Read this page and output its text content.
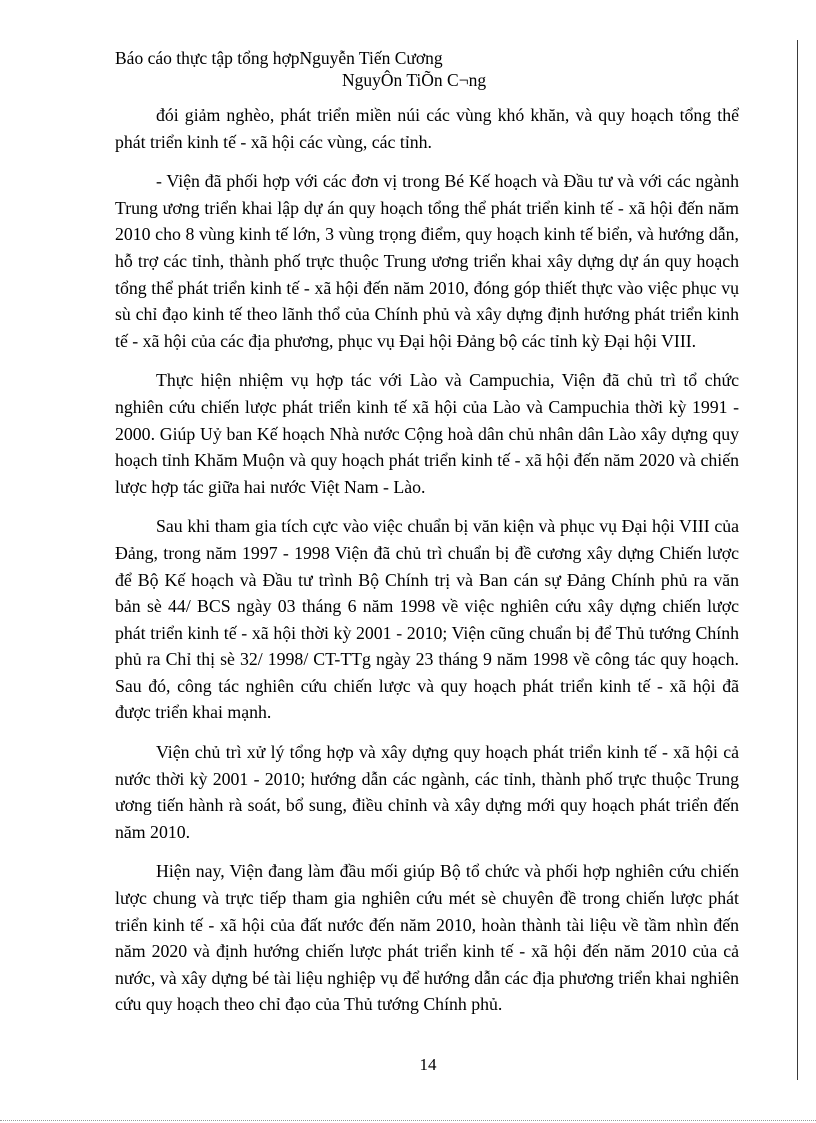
Báo cáo thực tập tổng hợpNguyễn Tiến Cương
NguyÔn TiÕn C¬ng

đói giảm nghèo, phát triển miền núi các vùng khó khăn, và quy hoạch tổng thể phát triển kinh tế - xã hội các vùng, các tỉnh.

- Viện đã phối hợp với các đơn vị trong Bé Kế hoạch và Đầu tư và với các ngành Trung ương triển khai lập dự án quy hoạch tổng thể phát triển kinh tế - xã hội đến năm 2010 cho 8 vùng kinh tế lớn, 3 vùng trọng điểm, quy hoạch kinh tế biển, và hướng dẫn, hỗ trợ các tỉnh, thành phố trực thuộc Trung ương triển khai xây dựng dự án quy hoạch tổng thể phát triển kinh tế - xã hội đến năm 2010, đóng góp thiết thực vào việc phục vụ sù chỉ đạo kinh tế theo lãnh thổ của Chính phủ và xây dựng định hướng phát triển kinh tế - xã hội của các địa phương, phục vụ Đại hội Đảng bộ các tỉnh kỳ Đại hội VIII.

Thực hiện nhiệm vụ hợp tác với Lào và Campuchia, Viện đã chủ trì tổ chức nghiên cứu chiến lược phát triển kinh tế xã hội của Lào và Campuchia thời kỳ 1991 - 2000. Giúp Uỷ ban Kế hoạch Nhà nước Cộng hoà dân chủ nhân dân Lào xây dựng quy hoạch tỉnh Khăm Muộn và quy hoạch phát triển kinh tế - xã hội đến năm 2020 và chiến lược hợp tác giữa hai nước Việt Nam - Lào.

Sau khi tham gia tích cực vào việc chuẩn bị văn kiện và phục vụ Đại hội VIII của Đảng, trong năm 1997 - 1998 Viện đã chủ trì chuẩn bị đề cương xây dựng Chiến lược để Bộ Kế hoạch và Đầu tư trình Bộ Chính trị và Ban cán sự Đảng Chính phủ ra văn bản sè 44/ BCS ngày 03 tháng 6 năm 1998 về việc nghiên cứu xây dựng chiến lược phát triển kinh tế - xã hội thời kỳ 2001 - 2010; Viện cũng chuẩn bị để Thủ tướng Chính phủ ra Chỉ thị sè 32/ 1998/ CT-TTg ngày 23 tháng 9 năm 1998 về công tác quy hoạch. Sau đó, công tác nghiên cứu chiến lược và quy hoạch phát triển kinh tế - xã hội đã được triển khai mạnh.

Viện chủ trì xử lý tổng hợp và xây dựng quy hoạch phát triển kinh tế - xã hội cả nước thời kỳ 2001 - 2010; hướng dẫn các ngành, các tỉnh, thành phố trực thuộc Trung ương tiến hành rà soát, bổ sung, điều chỉnh và xây dựng mới quy hoạch phát triển đến năm 2010.

Hiện nay, Viện đang làm đầu mối giúp Bộ tổ chức và phối hợp nghiên cứu chiến lược chung và trực tiếp tham gia nghiên cứu mét sè chuyên đề trong chiến lược phát triển kinh tế - xã hội của đất nước đến năm 2010, hoàn thành tài liệu về tầm nhìn đến năm 2020 và định hướng chiến lược phát triển kinh tế - xã hội đến năm 2010 của cả nước, và xây dựng bé tài liệu nghiệp vụ để hướng dẫn các địa phương triển khai nghiên cứu quy hoạch theo chỉ đạo của Thủ tướng Chính phủ.

14
